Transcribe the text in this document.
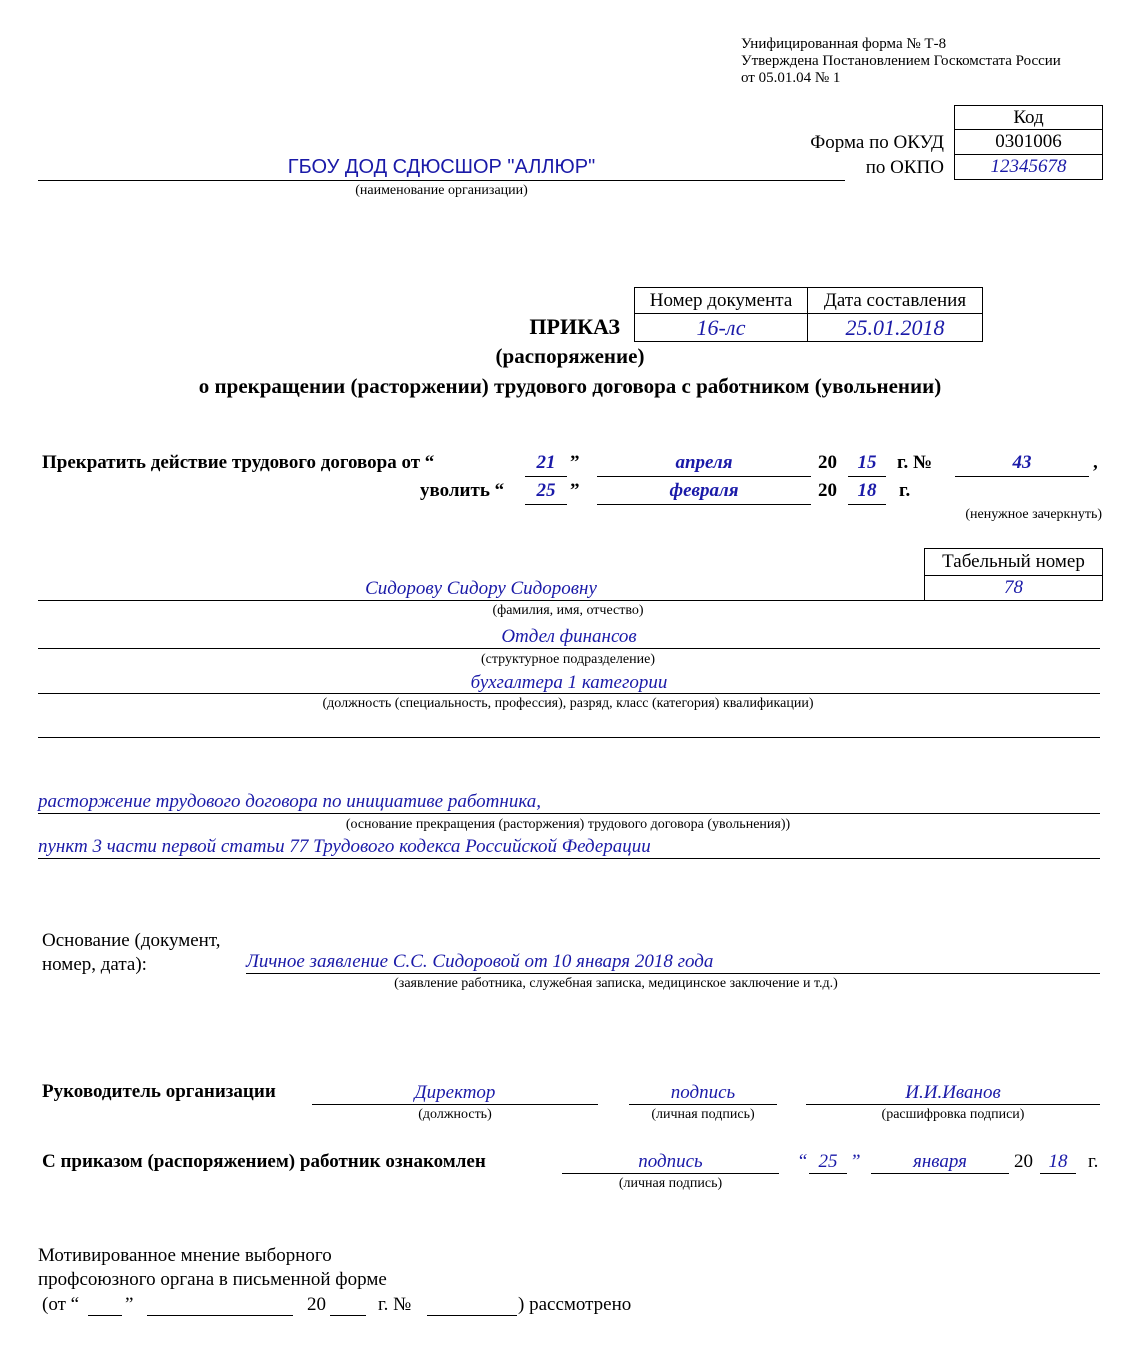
Унифицированная форма № Т-8
Утверждена Постановлением Госкомстата России
от 05.01.04 № 1
Код
Форма по ОКУД	0301006
по ОКПО	12345678
ГБОУ ДОД СДЮСШОР "АЛЛЮР"
(наименование организации)
Номер документа	Дата составления
16-лс	25.01.2018
ПРИКАЗ
(распоряжение)
о прекращении (расторжении) трудового договора с работником (увольнении)
Прекратить действие трудового договора от “	21 ”	апреля	20	15	г. №	43	,
уволить “	25 ”	февраля	20	18	г.
(ненужное зачеркнуть)
Табельный номер
78
Сидорову Сидору Сидоровну
(фамилия, имя, отчество)
Отдел финансов
(структурное подразделение)
бухгалтера 1 категории
(должность (специальность, профессия), разряд, класс (категория) квалификации)
расторжение трудового договора по инициативе работника,
(основание прекращения (расторжения) трудового договора (увольнения))
пункт 3 части первой статьи 77 Трудового кодекса Российской Федерации
Основание (документ,
номер, дата):	Личное заявление С.С. Сидоровой от 10 января 2018 года
(заявление работника, служебная записка, медицинское заключение и т.д.)
Руководитель организации	Директор
(должность)
подпись
(личная подпись)
И.И.Иванов
(расшифровка подписи)
С приказом (распоряжением) работник ознакомлен	подпись
(личная подпись)
“ 25 ”	января	20 18	г.
Мотивированное мнение выборного
профсоюзного органа в письменной форме
(от “ ”	20	г. №	) рассмотрено
